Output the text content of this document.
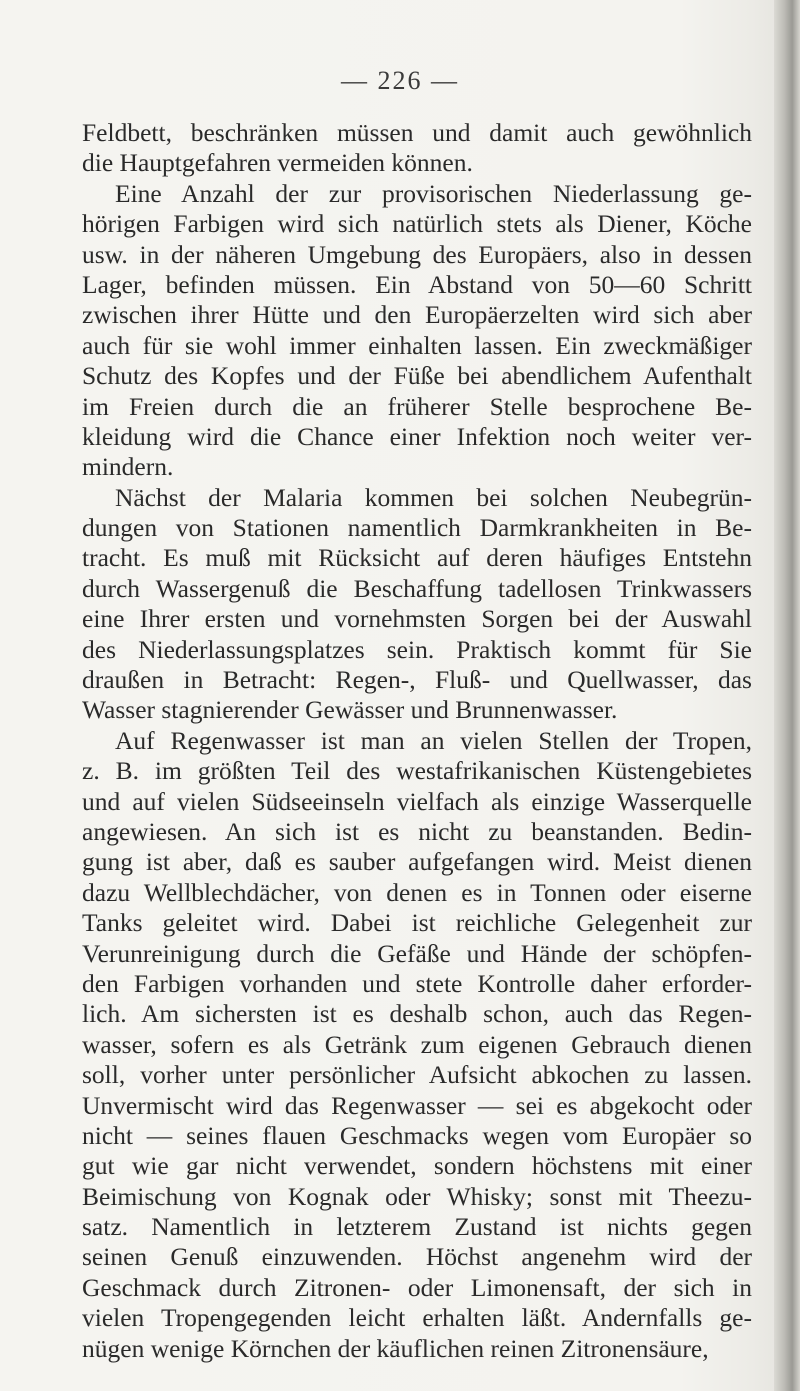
— 226 —
Feldbett, beschränken müssen und damit auch gewöhnlich
die Hauptgefahren vermeiden können.
Eine Anzahl der zur provisorischen Niederlassung ge-
hörigen Farbigen wird sich natürlich stets als Diener, Köche
usw. in der näheren Umgebung des Europäers, also in dessen
Lager, befinden müssen. Ein Abstand von 50—60 Schritt
zwischen ihrer Hütte und den Europäerzelten wird sich aber
auch für sie wohl immer einhalten lassen. Ein zweckmäßiger
Schutz des Kopfes und der Füße bei abendlichem Aufenthalt
im Freien durch die an früherer Stelle besprochene Be-
kleidung wird die Chance einer Infektion noch weiter ver-
mindern.
Nächst der Malaria kommen bei solchen Neubegrün-
dungen von Stationen namentlich Darmkrankheiten in Be-
tracht. Es muß mit Rücksicht auf deren häufiges Entstehn
durch Wassergenuß die Beschaffung tadellosen Trinkwassers
eine Ihrer ersten und vornehmsten Sorgen bei der Auswahl
des Niederlassungsplatzes sein. Praktisch kommt für Sie
draußen in Betracht: Regen-, Fluß- und Quellwasser, das
Wasser stagnierender Gewässer und Brunnenwasser.
Auf Regenwasser ist man an vielen Stellen der Tropen,
z. B. im größten Teil des westafrikanischen Küstengebietes
und auf vielen Südseeinseln vielfach als einzige Wasserquelle
angewiesen. An sich ist es nicht zu beanstanden. Bedin-
gung ist aber, daß es sauber aufgefangen wird. Meist dienen
dazu Wellblechdächer, von denen es in Tonnen oder eiserne
Tanks geleitet wird. Dabei ist reichliche Gelegenheit zur
Verunreinigung durch die Gefäße und Hände der schöpfen-
den Farbigen vorhanden und stete Kontrolle daher erforder-
lich. Am sichersten ist es deshalb schon, auch das Regen-
wasser, sofern es als Getränk zum eigenen Gebrauch dienen
soll, vorher unter persönlicher Aufsicht abkochen zu lassen.
Unvermischt wird das Regenwasser — sei es abgekocht oder
nicht — seines flauen Geschmacks wegen vom Europäer so
gut wie gar nicht verwendet, sondern höchstens mit einer
Beimischung von Kognak oder Whisky; sonst mit Theezu-
satz. Namentlich in letzterem Zustand ist nichts gegen
seinen Genuß einzuwenden. Höchst angenehm wird der
Geschmack durch Zitronen- oder Limonensaft, der sich in
vielen Tropengegenden leicht erhalten läßt. Andernfalls ge-
nügen wenige Körnchen der käuflichen reinen Zitronensäure,
